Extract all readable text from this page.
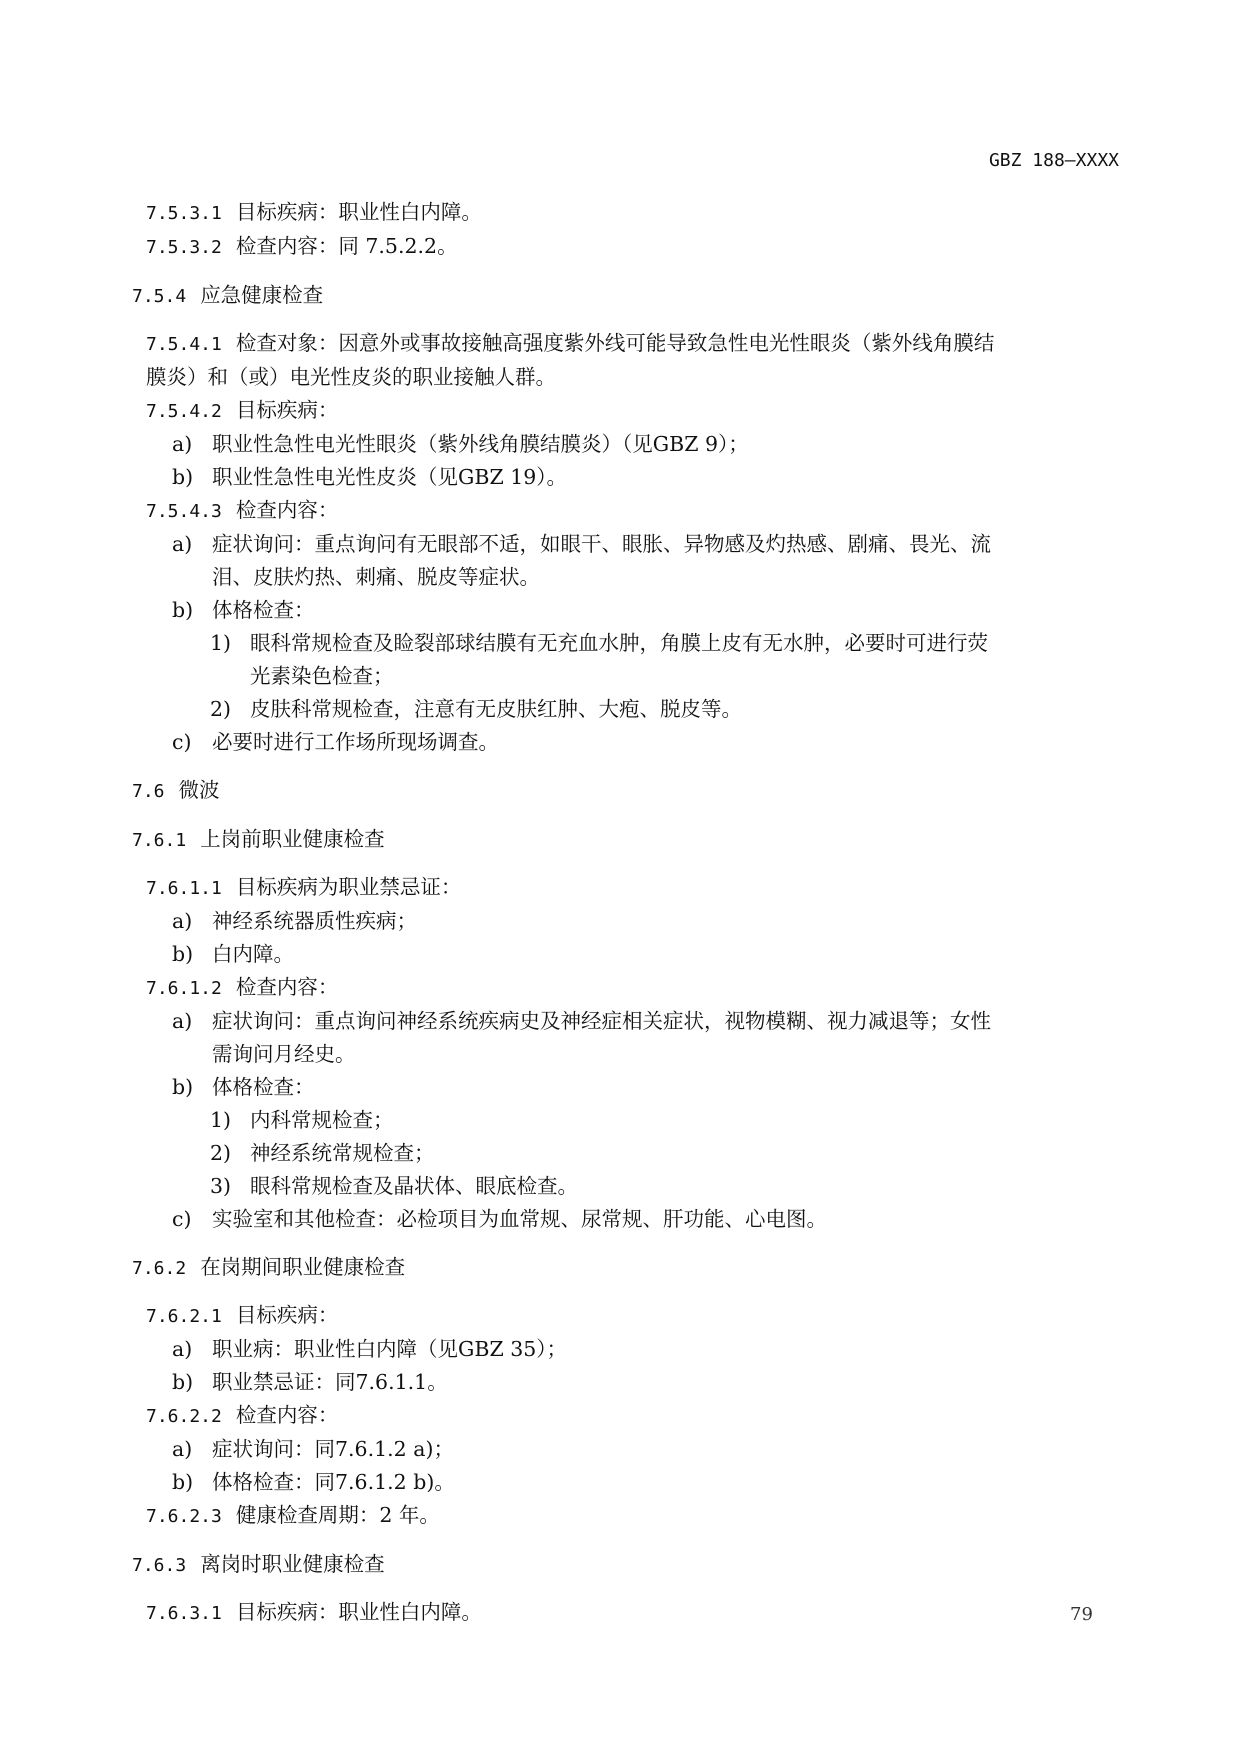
GBZ 188—XXXX
7.5.3.1 目标疾病：职业性白内障。
7.5.3.2 检查内容：同 7.5.2.2。
7.5.4 应急健康检查
7.5.4.1 检查对象：因意外或事故接触高强度紫外线可能导致急性电光性眼炎（紫外线角膜结膜炎）和（或）电光性皮炎的职业接触人群。
7.5.4.2 目标疾病：
a) 职业性急性电光性眼炎（紫外线角膜结膜炎）（见GBZ 9）；
b) 职业性急性电光性皮炎（见GBZ 19）。
7.5.4.3 检查内容：
a) 症状询问：重点询问有无眼部不适，如眼干、眼胀、异物感及灼热感、剧痛、畏光、流泪、皮肤灼热、刺痛、脱皮等症状。
b) 体格检查：
1) 眼科常规检查及睑裂部球结膜有无充血水肿，角膜上皮有无水肿，必要时可进行荧光素染色检查；
2) 皮肤科常规检查，注意有无皮肤红肿、大疱、脱皮等。
c)	必要时进行工作场所现场调查。
7.6 微波
7.6.1 上岗前职业健康检查
7.6.1.1 目标疾病为职业禁忌证：
a) 神经系统器质性疾病；
b) 白内障。
7.6.1.2 检查内容：
a) 症状询问：重点询问神经系统疾病史及神经症相关症状，视物模糊、视力减退等；女性需询问月经史。
b) 体格检查：
1) 内科常规检查；
2) 神经系统常规检查；
3) 眼科常规检查及晶状体、眼底检查。
c)	实验室和其他检查：必检项目为血常规、尿常规、肝功能、心电图。
7.6.2 在岗期间职业健康检查
7.6.2.1 目标疾病：
a) 职业病：职业性白内障（见GBZ 35）；
b) 职业禁忌证：同7.6.1.1。
7.6.2.2 检查内容：
a) 症状询问：同7.6.1.2 a)；
b) 体格检查：同7.6.1.2 b)。
7.6.2.3 健康检查周期：2 年。
7.6.3 离岗时职业健康检查
7.6.3.1 目标疾病：职业性白内障。	79
